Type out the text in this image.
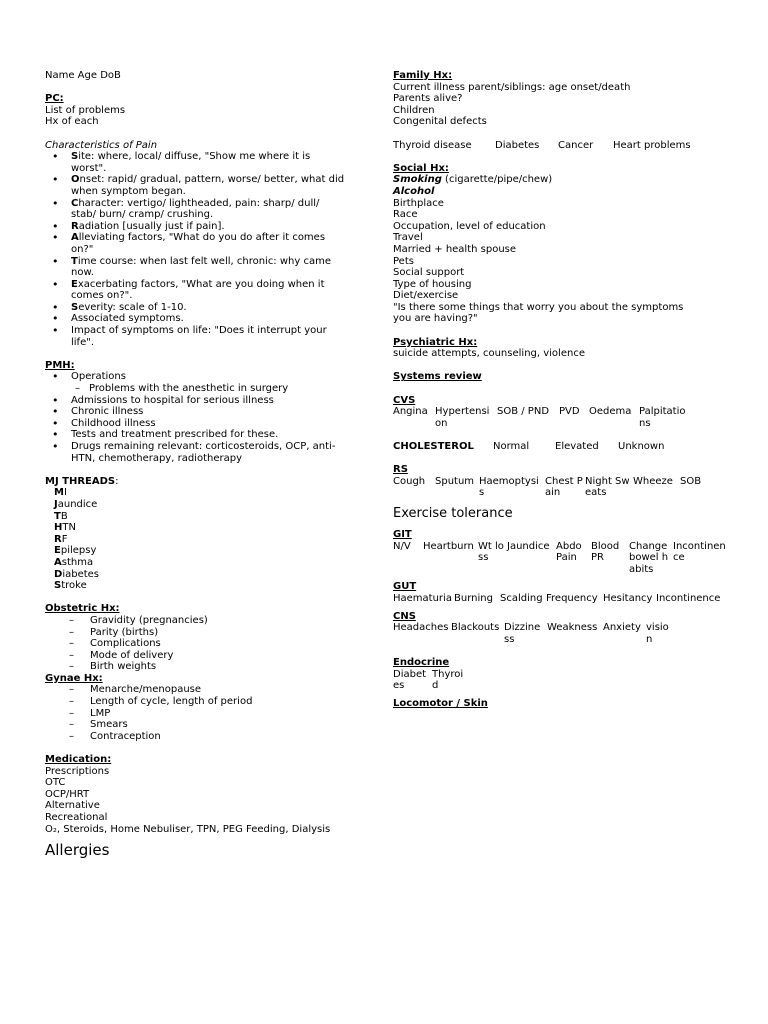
Name Age DoB
PC:
List of problems
Hx of each
Characteristics of Pain
• Site: where, local/ diffuse, "Show me where it is worst".
• Onset: rapid/ gradual, pattern, worse/ better, what did when symptom began.
• Character: vertigo/ lightheaded, pain: sharp/ dull/ stab/ burn/ cramp/ crushing.
• Radiation [usually just if pain].
• Alleviating factors, "What do you do after it comes on?"
• Time course: when last felt well, chronic: why came now.
• Exacerbating factors, "What are you doing when it comes on?".
• Severity: scale of 1-10.
• Associated symptoms.
• Impact of symptoms on life: "Does it interrupt your life".
PMH:
• Operations
– Problems with the anesthetic in surgery
• Admissions to hospital for serious illness
• Chronic illness
• Childhood illness
• Tests and treatment prescribed for these.
• Drugs remaining relevant: corticosteroids, OCP, anti-HTN, chemotherapy, radiotherapy
MJ THREADS:
MI
Jaundice
TB
HTN
RF
Epilepsy
Asthma
Diabetes
Stroke
Obstetric Hx:
– Gravidity (pregnancies)
– Parity (births)
– Complications
– Mode of delivery
– Birth weights
Gynae Hx:
– Menarche/menopause
– Length of cycle, length of period
– LMP
– Smears
– Contraception
Medication:
Prescriptions
OTC
OCP/HRT
Alternative
Recreational
O₂, Steroids, Home Nebuliser, TPN, PEG Feeding, Dialysis
Allergies
Family Hx:
Current illness parent/siblings: age onset/death
Parents alive?
Children
Congenital defects
Thyroid disease Diabetes Cancer Heart problems
Social Hx:
Smoking (cigarette/pipe/chew)
Alcohol
Birthplace
Race
Occupation, level of education
Travel
Married + health spouse
Pets
Social support
Type of housing
Diet/exercise
"Is there some things that worry you about the symptoms you are having?"
Psychiatric Hx:
suicide attempts, counseling, violence
Systems review
CVS
Angina Hypertension
SOB / PND PVD Oedema Palpitations
CHOLESTEROL Normal	Elevated Unknown
RS
Cough Sputum Haemoptysis
Chest Pain
Night Sweats
Wheeze SOB
Exercise tolerance
GIT
N/V	Heartburn Wt loss
Jaundice Abdo Pain
Blood PR
Change bowel habits
Incontinence
GUT
Haematuria Burning Scalding Frequency Hesitancy Incontinence
CNS
Headaches Blackouts Dizziness
Weakness Anxiety vision
Endocrine
Diabetes
Thyroid
Locomotor / Skin
